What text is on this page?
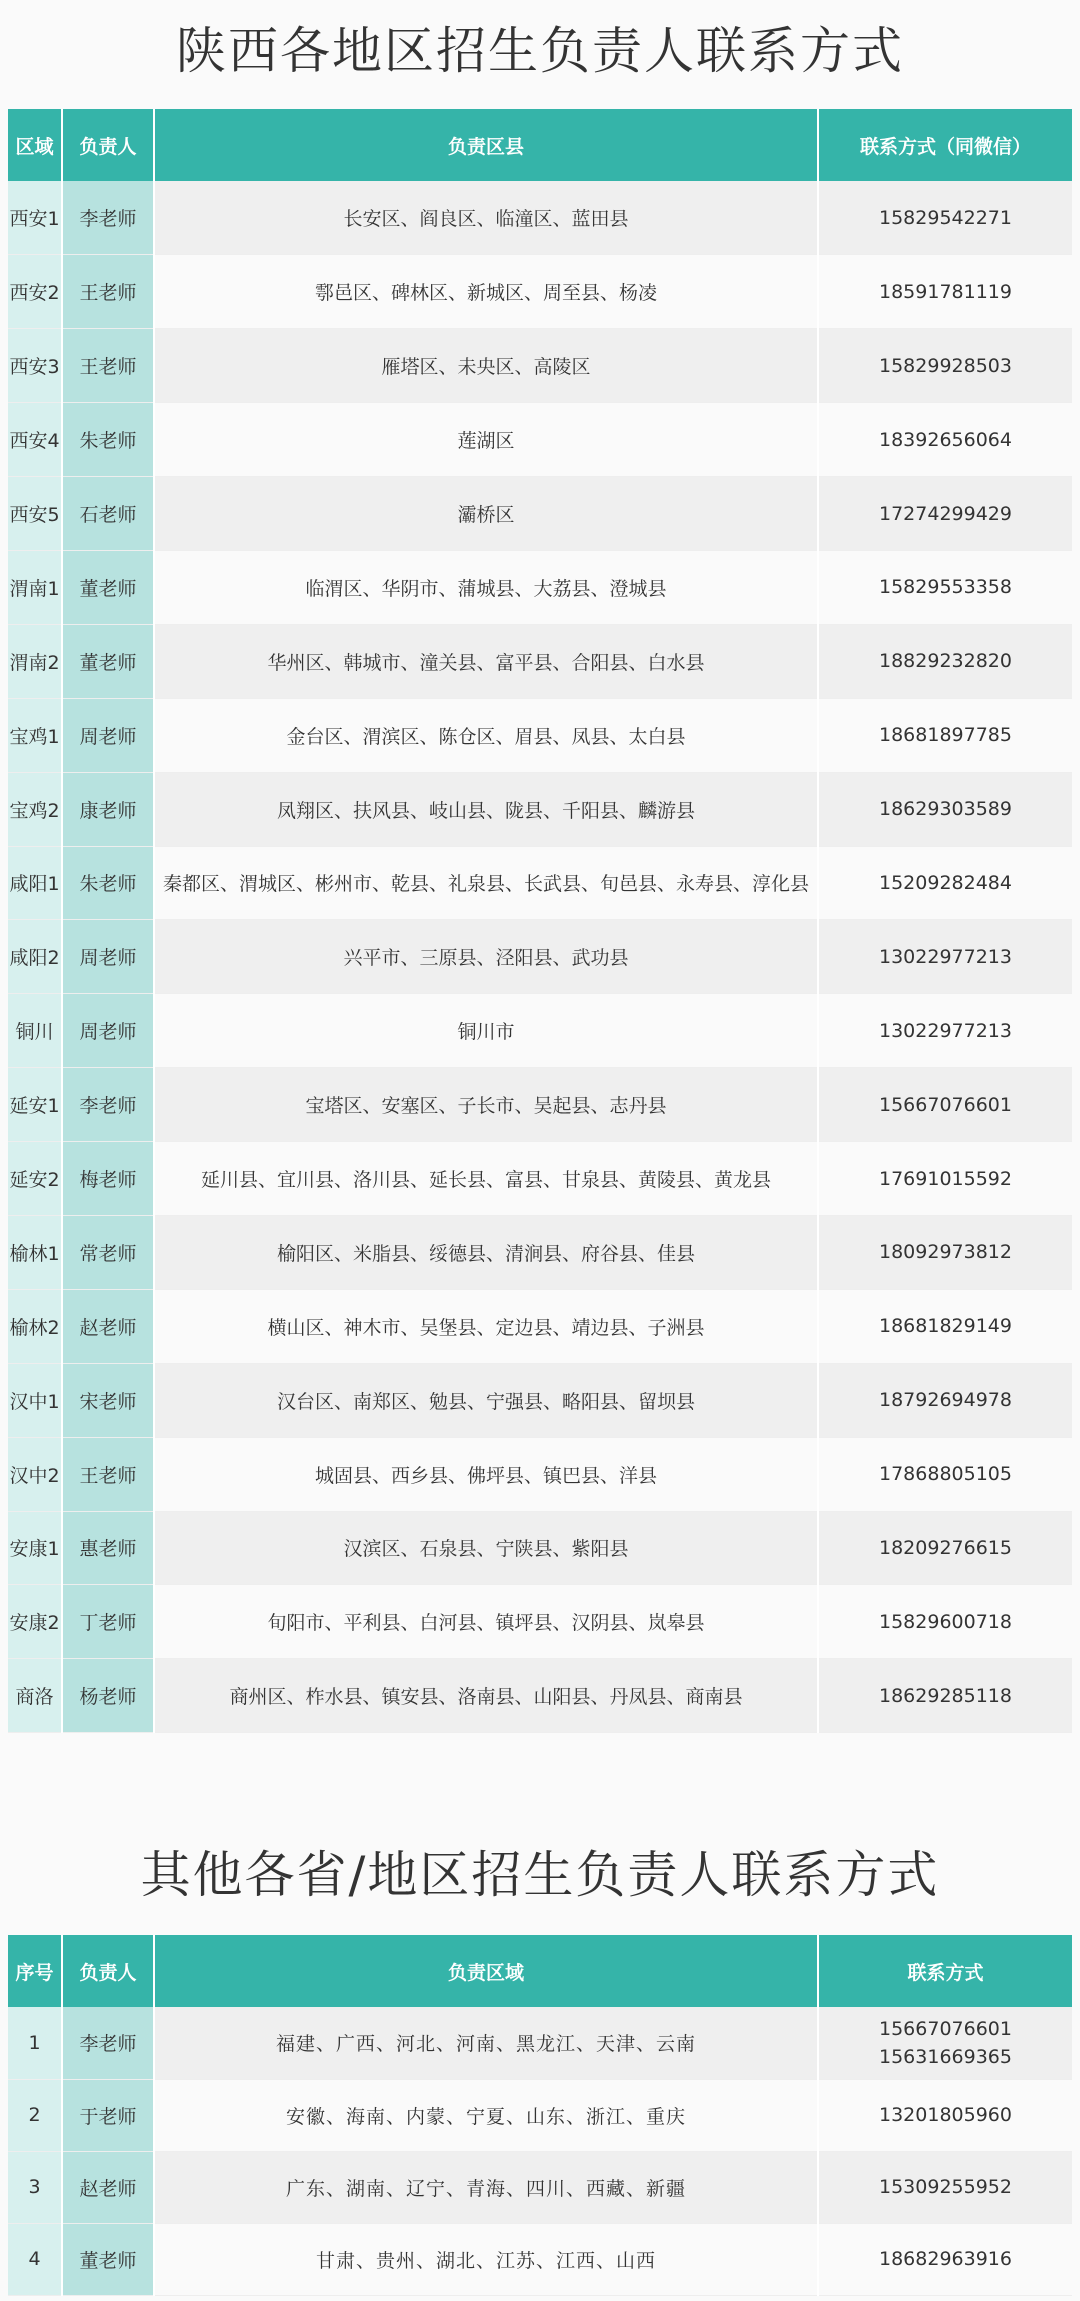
陕西各地区招生负责人联系方式
区域	负责人	负责区县	联系方式（同微信）
西安1	李老师	长安区、阎良区、临潼区、蓝田县	15829542271
西安2	王老师	鄠邑区、碑林区、新城区、周至县、杨凌	18591781119
西安3	王老师	雁塔区、未央区、高陵区	15829928503
西安4	朱老师	莲湖区	18392656064
西安5	石老师	灞桥区	17274299429
渭南1	董老师	临渭区、华阴市、蒲城县、大荔县、澄城县	15829553358
渭南2	董老师	华州区、韩城市、潼关县、富平县、合阳县、白水县	18829232820
宝鸡1	周老师	金台区、渭滨区、陈仓区、眉县、凤县、太白县	18681897785
宝鸡2	康老师	凤翔区、扶风县、岐山县、陇县、千阳县、麟游县	18629303589
咸阳1	朱老师	秦都区、渭城区、彬州市、乾县、礼泉县、长武县、旬邑县、永寿县、淳化县	15209282484
咸阳2	周老师	兴平市、三原县、泾阳县、武功县	13022977213
铜川	周老师	铜川市	13022977213
延安1	李老师	宝塔区、安塞区、子长市、吴起县、志丹县	15667076601
延安2	梅老师	延川县、宜川县、洛川县、延长县、富县、甘泉县、黄陵县、黄龙县	17691015592
榆林1	常老师	榆阳区、米脂县、绥德县、清涧县、府谷县、佳县	18092973812
榆林2	赵老师	横山区、神木市、吴堡县、定边县、靖边县、子洲县	18681829149
汉中1	宋老师	汉台区、南郑区、勉县、宁强县、略阳县、留坝县	18792694978
汉中2	王老师	城固县、西乡县、佛坪县、镇巴县、洋县	17868805105
安康1	惠老师	汉滨区、石泉县、宁陕县、紫阳县	18209276615
安康2	丁老师	旬阳市、平利县、白河县、镇坪县、汉阴县、岚皋县	15829600718
商洛	杨老师	商州区、柞水县、镇安县、洛南县、山阳县、丹凤县、商南县	18629285118
其他各省/地区招生负责人联系方式
序号	负责人	负责区域	联系方式
1	李老师	福建、广西、河北、河南、黑龙江、天津、云南	15667076601
15631669365

2	于老师	安徽、海南、内蒙、宁夏、山东、浙江、重庆	13201805960

3	赵老师	广东、湖南、辽宁、青海、四川、西藏、新疆	15309255952

4	董老师	甘肃、贵州、湖北、江苏、江西、山西	18682963916
